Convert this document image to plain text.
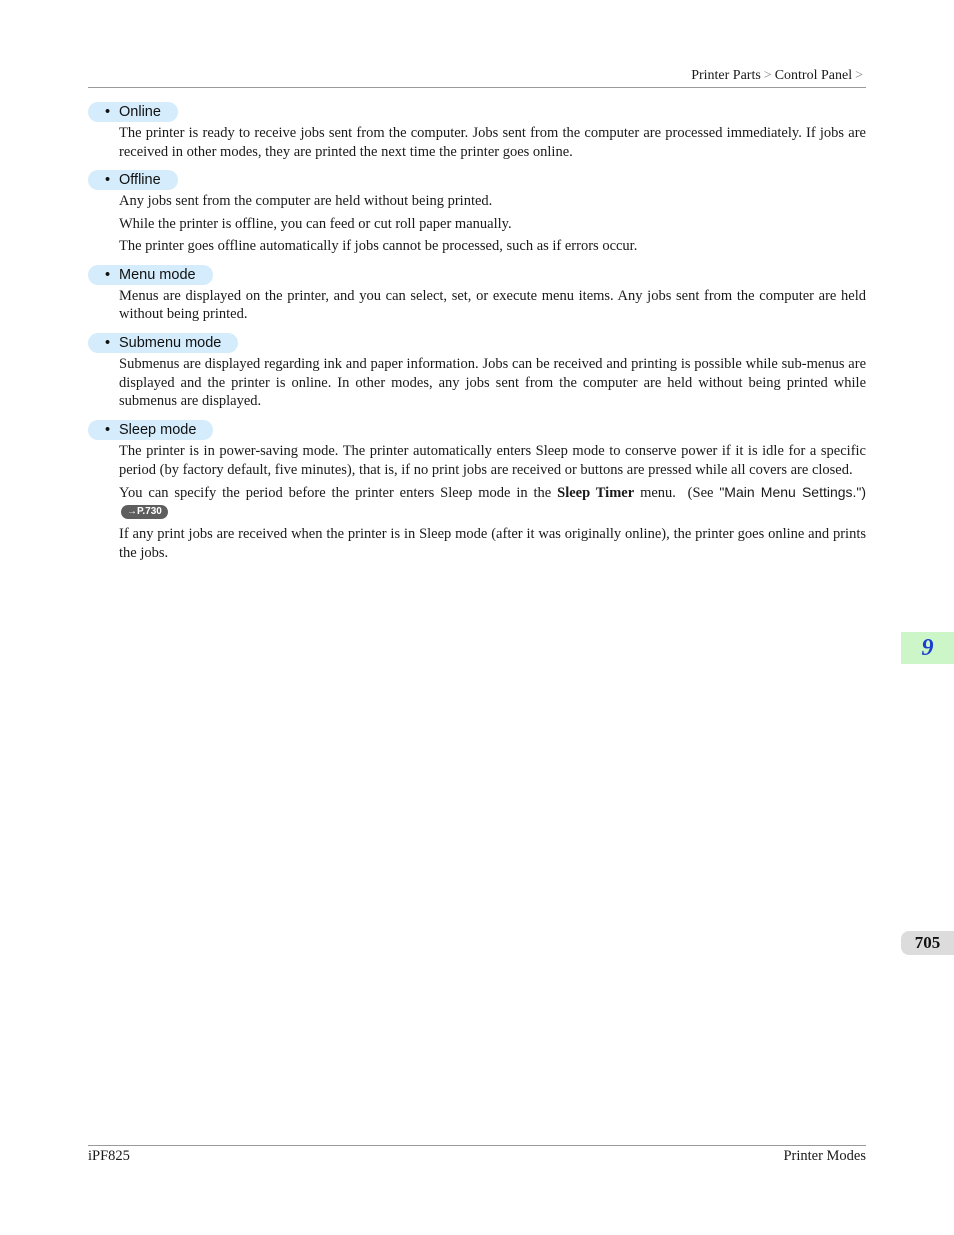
Printer Parts > Control Panel >
• Online

The printer is ready to receive jobs sent from the computer. Jobs sent from the computer are processed immediately. If jobs are received in other modes, they are printed the next time the printer goes online.

• Offline

Any jobs sent from the computer are held without being printed.

While the printer is offline, you can feed or cut roll paper manually.

The printer goes offline automatically if jobs cannot be processed, such as if errors occur.

• Menu mode

Menus are displayed on the printer, and you can select, set, or execute menu items. Any jobs sent from the computer are held without being printed.

• Submenu mode

Submenus are displayed regarding ink and paper information. Jobs can be received and printing is possible while sub-menus are displayed and the printer is online. In other modes, any jobs sent from the computer are held without being printed while submenus are displayed.

• Sleep mode

The printer is in power-saving mode. The printer automatically enters Sleep mode to conserve power if it is idle for a specific period (by factory default, five minutes), that is, if no print jobs are received or buttons are pressed while all covers are closed.

You can specify the period before the printer enters Sleep mode in the Sleep Timer menu. (See "Main Menu Settings.") →P.730

If any print jobs are received when the printer is in Sleep mode (after it was originally online), the printer goes online and prints the jobs.

9
705
iPF825	Printer Modes
